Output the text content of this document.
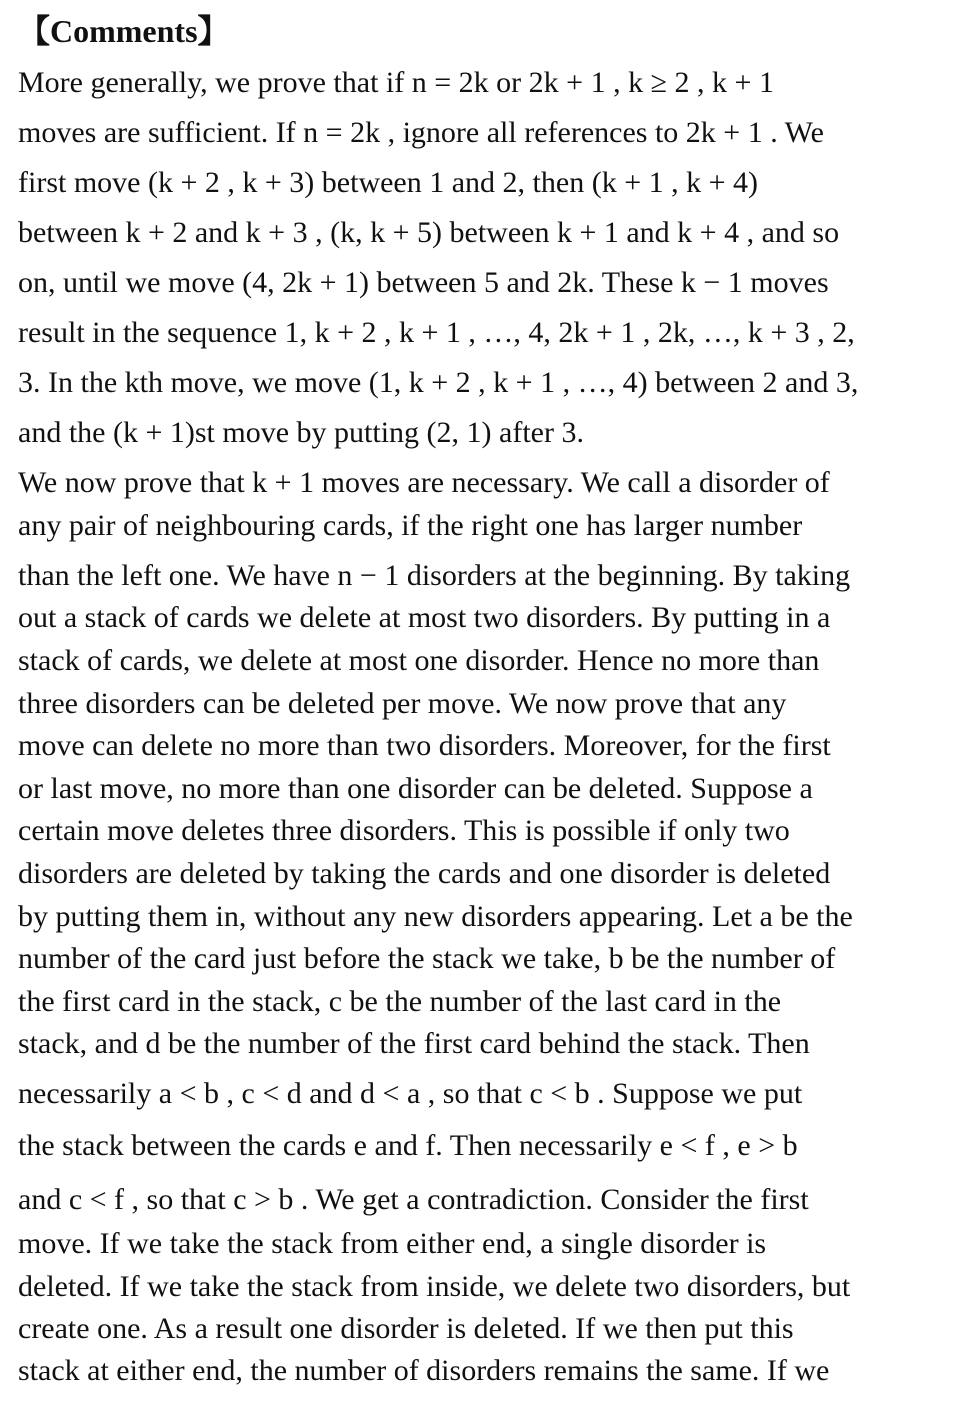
【Comments】
More generally, we prove that if n = 2k or 2k + 1 , k ≥ 2 , k + 1
moves are sufficient. If n = 2k , ignore all references to 2k + 1 . We
first move (k + 2 , k + 3) between 1 and 2, then (k + 1 , k + 4)
between k + 2 and k + 3 , (k, k + 5) between k + 1 and k + 4 , and so
on, until we move (4, 2k + 1) between 5 and 2k. These k − 1 moves
result in the sequence 1, k + 2 , k + 1 , …, 4, 2k + 1 , 2k, …, k + 3 , 2,
3. In the kth move, we move (1, k + 2 , k + 1 , …, 4) between 2 and 3,
and the (k + 1)st move by putting (2, 1) after 3.
We now prove that k + 1 moves are necessary. We call a disorder of
any pair of neighbouring cards, if the right one has larger number
than the left one. We have n − 1 disorders at the beginning. By taking
out a stack of cards we delete at most two disorders. By putting in a
stack of cards, we delete at most one disorder. Hence no more than
three disorders can be deleted per move. We now prove that any
move can delete no more than two disorders. Moreover, for the first
or last move, no more than one disorder can be deleted. Suppose a
certain move deletes three disorders. This is possible if only two
disorders are deleted by taking the cards and one disorder is deleted
by putting them in, without any new disorders appearing. Let a be the
number of the card just before the stack we take, b be the number of
the first card in the stack, c be the number of the last card in the
stack, and d be the number of the first card behind the stack. Then
necessarily a < b , c < d and d < a , so that c < b . Suppose we put
the stack between the cards e and f. Then necessarily e < f , e > b
and c < f , so that c > b . We get a contradiction. Consider the first
move. If we take the stack from either end, a single disorder is
deleted. If we take the stack from inside, we delete two disorders, but
create one. As a result one disorder is deleted. If we then put this
stack at either end, the number of disorders remains the same. If we
